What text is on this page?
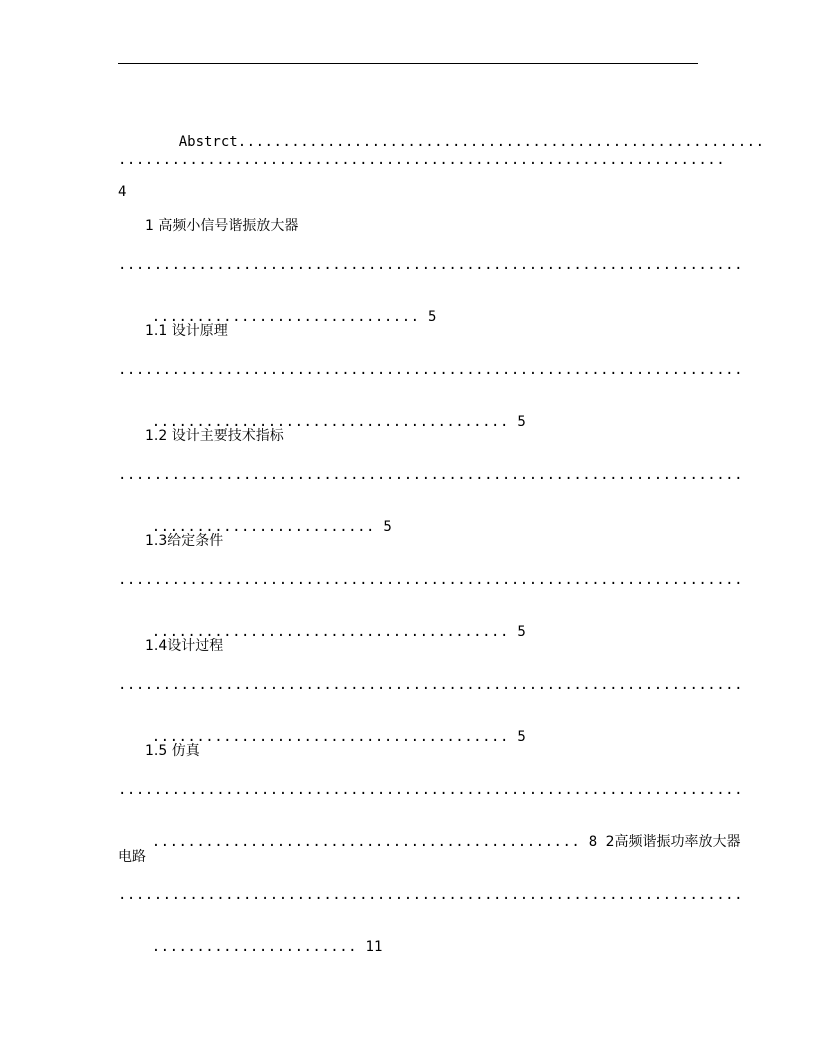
Abstrct...........................................................

....................................................................
4
1 高频小信号谐振放大器
......................................................................

.............................. 5

1.1 设计原理
......................................................................

........................................ 5

1.2 设计主要技术指标
......................................................................

......................... 5

1.3给定条件
......................................................................

........................................ 5

1.4设计过程
......................................................................

........................................ 5

1.5 仿真
......................................................................

................................................ 8 2高频谐振功率放大器

电路
......................................................................

....................... 11
